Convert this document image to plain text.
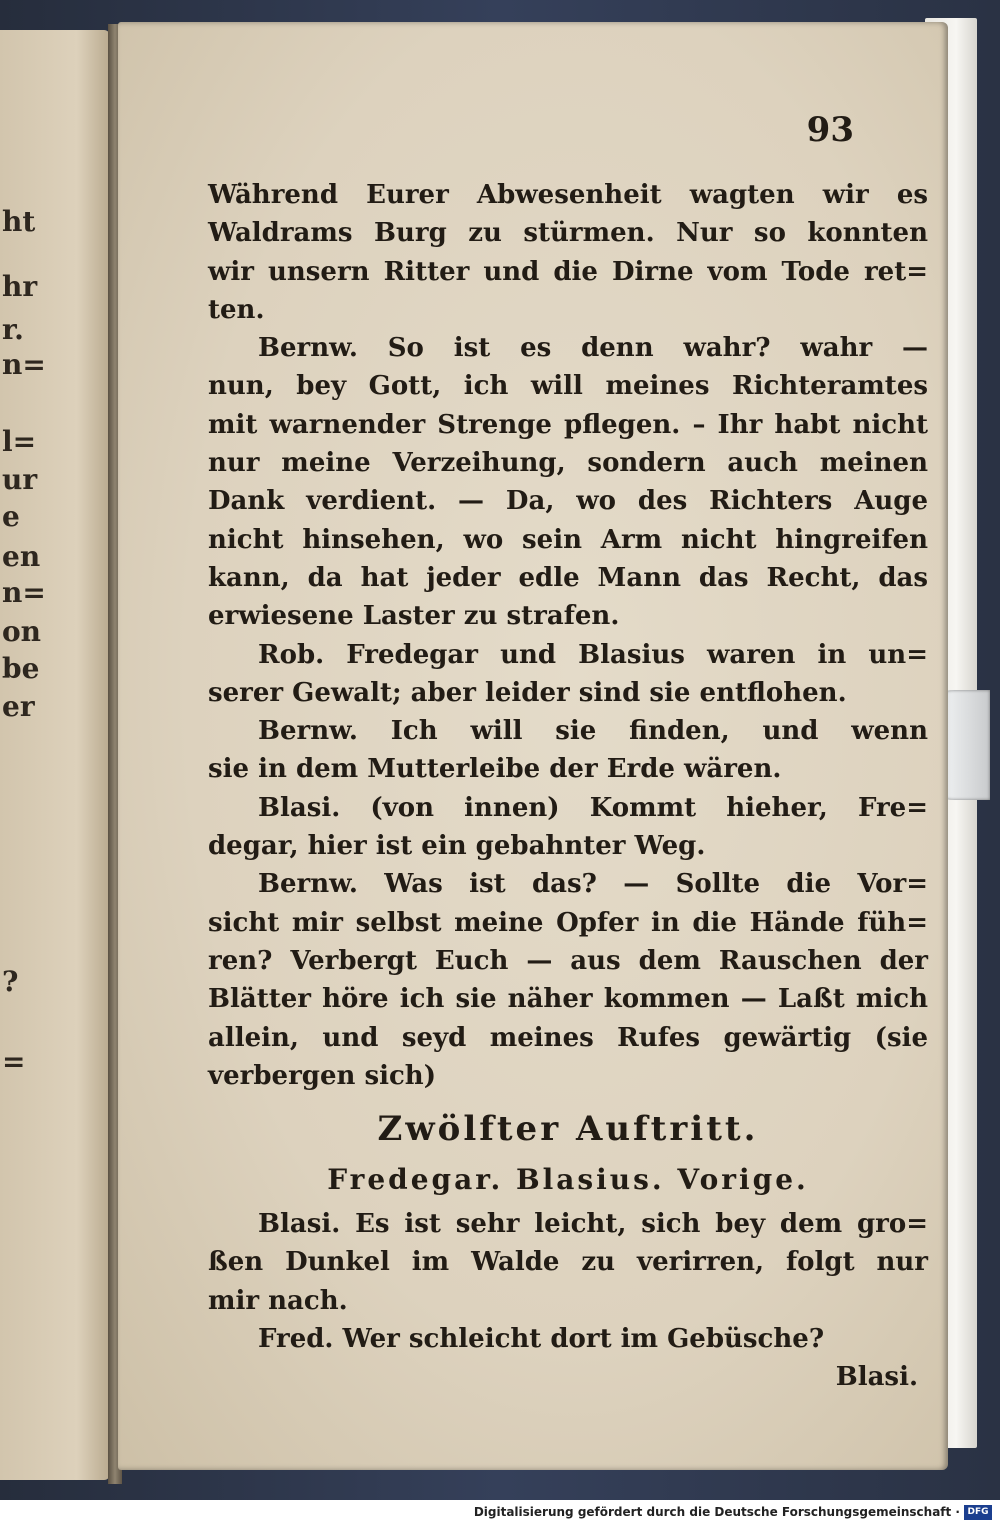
ht
hr
r.
n=
l=
ur
e
en
n=
on
be
er
?
=
93
Während Eurer Abwesenheit wagten wir es
Waldrams Burg zu stürmen. Nur so konnten
wir unsern Ritter und die Dirne vom Tode ret=
ten.
Bernw. So ist es denn wahr? wahr —
nun, bey Gott, ich will meines Richteramtes
mit warnender Strenge pflegen. – Ihr habt nicht
nur meine Verzeihung, sondern auch meinen
Dank verdient. — Da, wo des Richters Auge
nicht hinsehen, wo sein Arm nicht hingreifen
kann, da hat jeder edle Mann das Recht, das
erwiesene Laster zu strafen.
Rob. Fredegar und Blasius waren in un=
serer Gewalt; aber leider sind sie entflohen.
Bernw. Ich will sie finden, und wenn
sie in dem Mutterleibe der Erde wären.
Blasi. (von innen) Kommt hieher, Fre=
degar, hier ist ein gebahnter Weg.
Bernw. Was ist das? — Sollte die Vor=
sicht mir selbst meine Opfer in die Hände füh=
ren? Verbergt Euch — aus dem Rauschen der
Blätter höre ich sie näher kommen — Laßt mich
allein, und seyd meines Rufes gewärtig (sie
verbergen sich)
Zwölfter Auftritt.
Fredegar. Blasius. Vorige.
Blasi. Es ist sehr leicht, sich bey dem gro=
ßen Dunkel im Walde zu verirren, folgt nur
mir nach.
Fred. Wer schleicht dort im Gebüsche?
Blasi.
Digitalisierung gefördert durch die Deutsche Forschungsgemeinschaft · DFG
